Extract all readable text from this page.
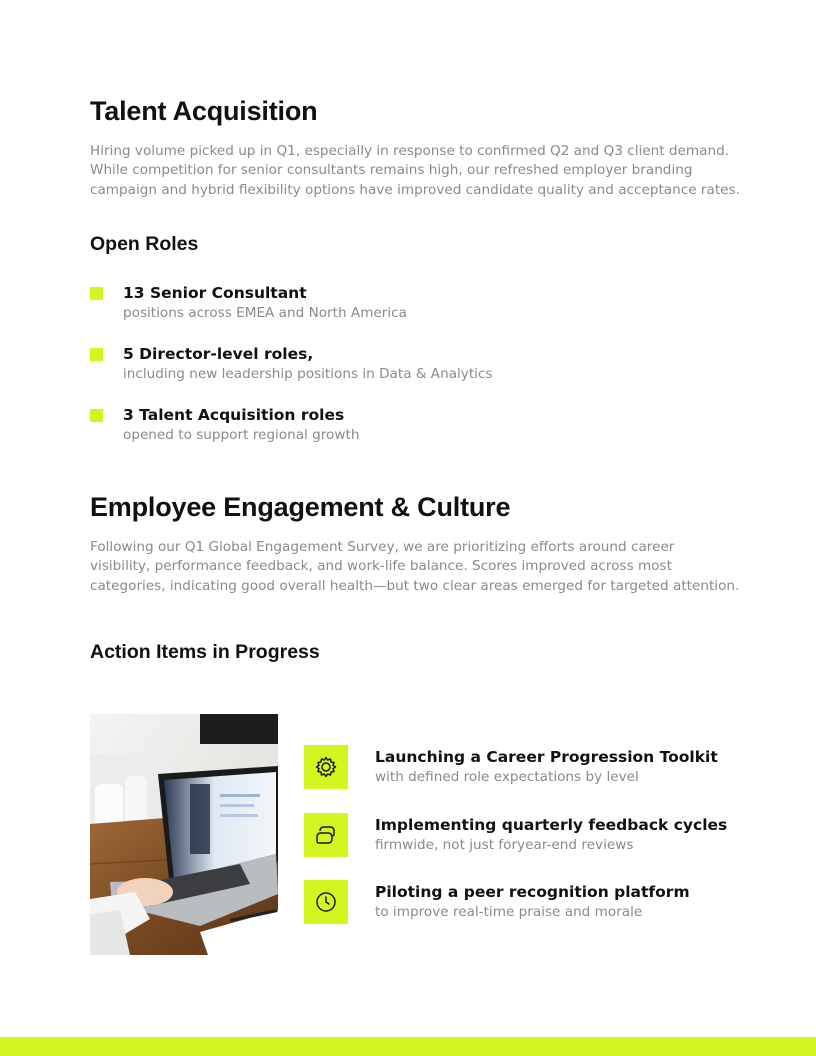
Talent Acquisition
Hiring volume picked up in Q1, especially in response to confirmed Q2 and Q3 client demand.
While competition for senior consultants remains high, our refreshed employer branding
campaign and hybrid flexibility options have improved candidate quality and acceptance rates.
Open Roles
13 Senior Consultant
positions across EMEA and North America
5 Director-level roles,
including new leadership positions in Data & Analytics
3 Talent Acquisition roles
opened to support regional growth
Employee Engagement & Culture
Following our Q1 Global Engagement Survey, we are prioritizing efforts around career
visibility, performance feedback, and work-life balance. Scores improved across most
categories, indicating good overall health—but two clear areas emerged for targeted attention.
Action Items in Progress
Launching a Career Progression Toolkit
with defined role expectations by level
Implementing quarterly feedback cycles
firmwide, not just foryear-end reviews
Piloting a peer recognition platform
to improve real-time praise and morale
